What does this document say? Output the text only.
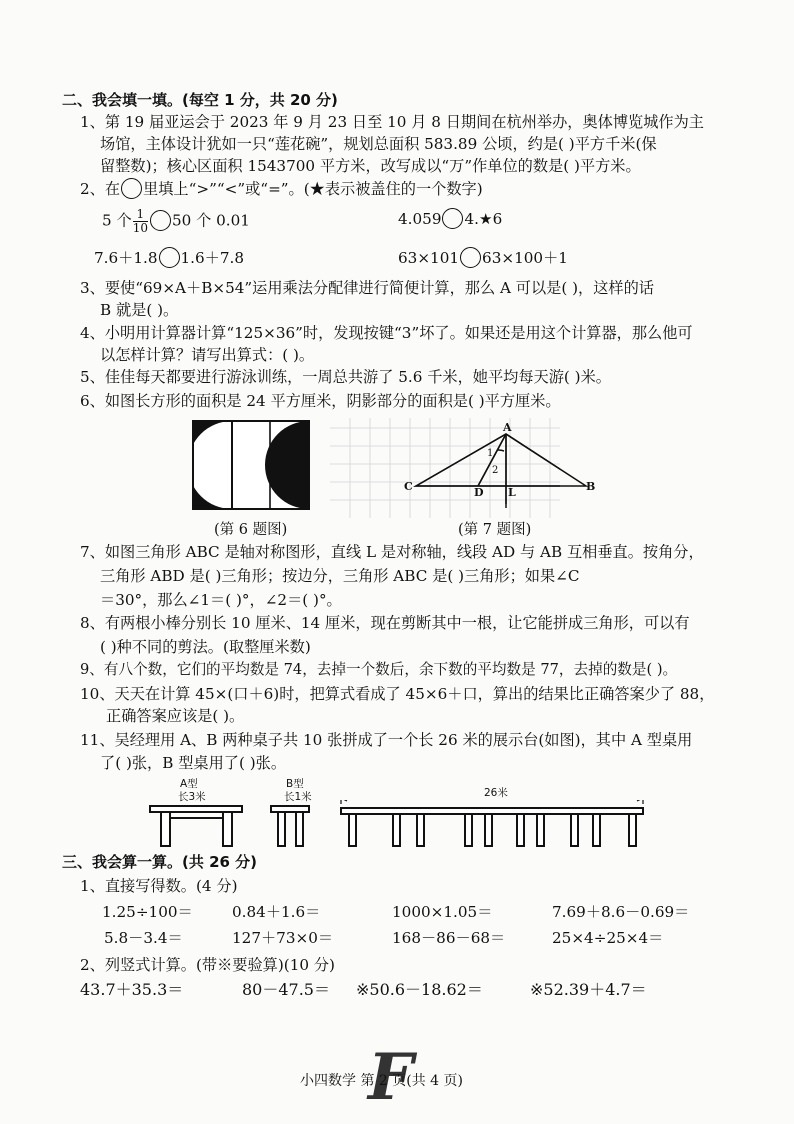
二、我会填一填。(每空 1 分，共 20 分)
1、第 19 届亚运会于 2023 年 9 月 23 日至 10 月 8 日期间在杭州举办，奥体博览城作为主
场馆，主体设计犹如一只“莲花碗”，规划总面积 583.89 公顷，约是( )平方千米(保
留整数)；核心区面积 1543700 平方米，改写成以“万”作单位的数是( )平方米。
2、在 里填上“>”“<”或“=”。(★表示被盖住的一个数字)
5 个 $\frac{1}{10} 50$ 个 0.01	4.059 4.★6
7.6＋1.8 1.6＋7.8	63×101 63×100＋1
3、要使“69×A＋B×54”运用乘法分配律进行简便计算，那么 A 可以是( )，这样的话
B 就是( )。
4、小明用计算器计算“125×36”时，发现按键“3”坏了。如果还是用这个计算器，那么他可
以怎样计算？请写出算式：( )。
5、佳佳每天都要进行游泳训练，一周总共游了 5.6 千米，她平均每天游( )米。
6、如图长方形的面积是 24 平方厘米，阴影部分的面积是( )平方厘米。
(第 6 题图)
A
B
C	D L
1
2
(第 7 题图)
7、如图三角形 ABC 是轴对称图形，直线 L 是对称轴，线段 AD 与 AB 互相垂直。按角分，
三角形 ABD 是( )三角形；按边分，三角形 ABC 是( )三角形；如果∠C
＝30°，那么∠1＝( )°，∠2＝( )°。
8、有两根小棒分别长 10 厘米、14 厘米，现在剪断其中一根，让它能拼成三角形，可以有
( )种不同的剪法。(取整厘米数)
9、有八个数，它们的平均数是 74，去掉一个数后，余下数的平均数是 77，去掉的数是( )。
10、天天在计算 45×(口＋6)时，把算式看成了 45×6＋口，算出的结果比正确答案少了 88，
正确答案应该是( )。
11、吴经理用 A、B 两种桌子共 10 张拼成了一个长 26 米的展示台(如图)，其中 A 型桌用
了( )张，B 型桌用了( )张。
A型
长3米
B型
长1米	26米
三、我会算一算。(共 26 分)
1、直接写得数。(4 分)
1.25÷100＝	0.84＋1.6＝	1000×1.05＝	7.69＋8.6－0.69＝
5.8－3.4＝	127＋73×0＝	168－86－68＝	25×4÷25×4＝
2、列竖式计算。(带※要验算)(10 分)
43.7＋35.3＝	80－47.5＝ ※50.6－18.62＝	※52.39＋4.7＝
F
小四数学 第 2 页(共 4 页)
